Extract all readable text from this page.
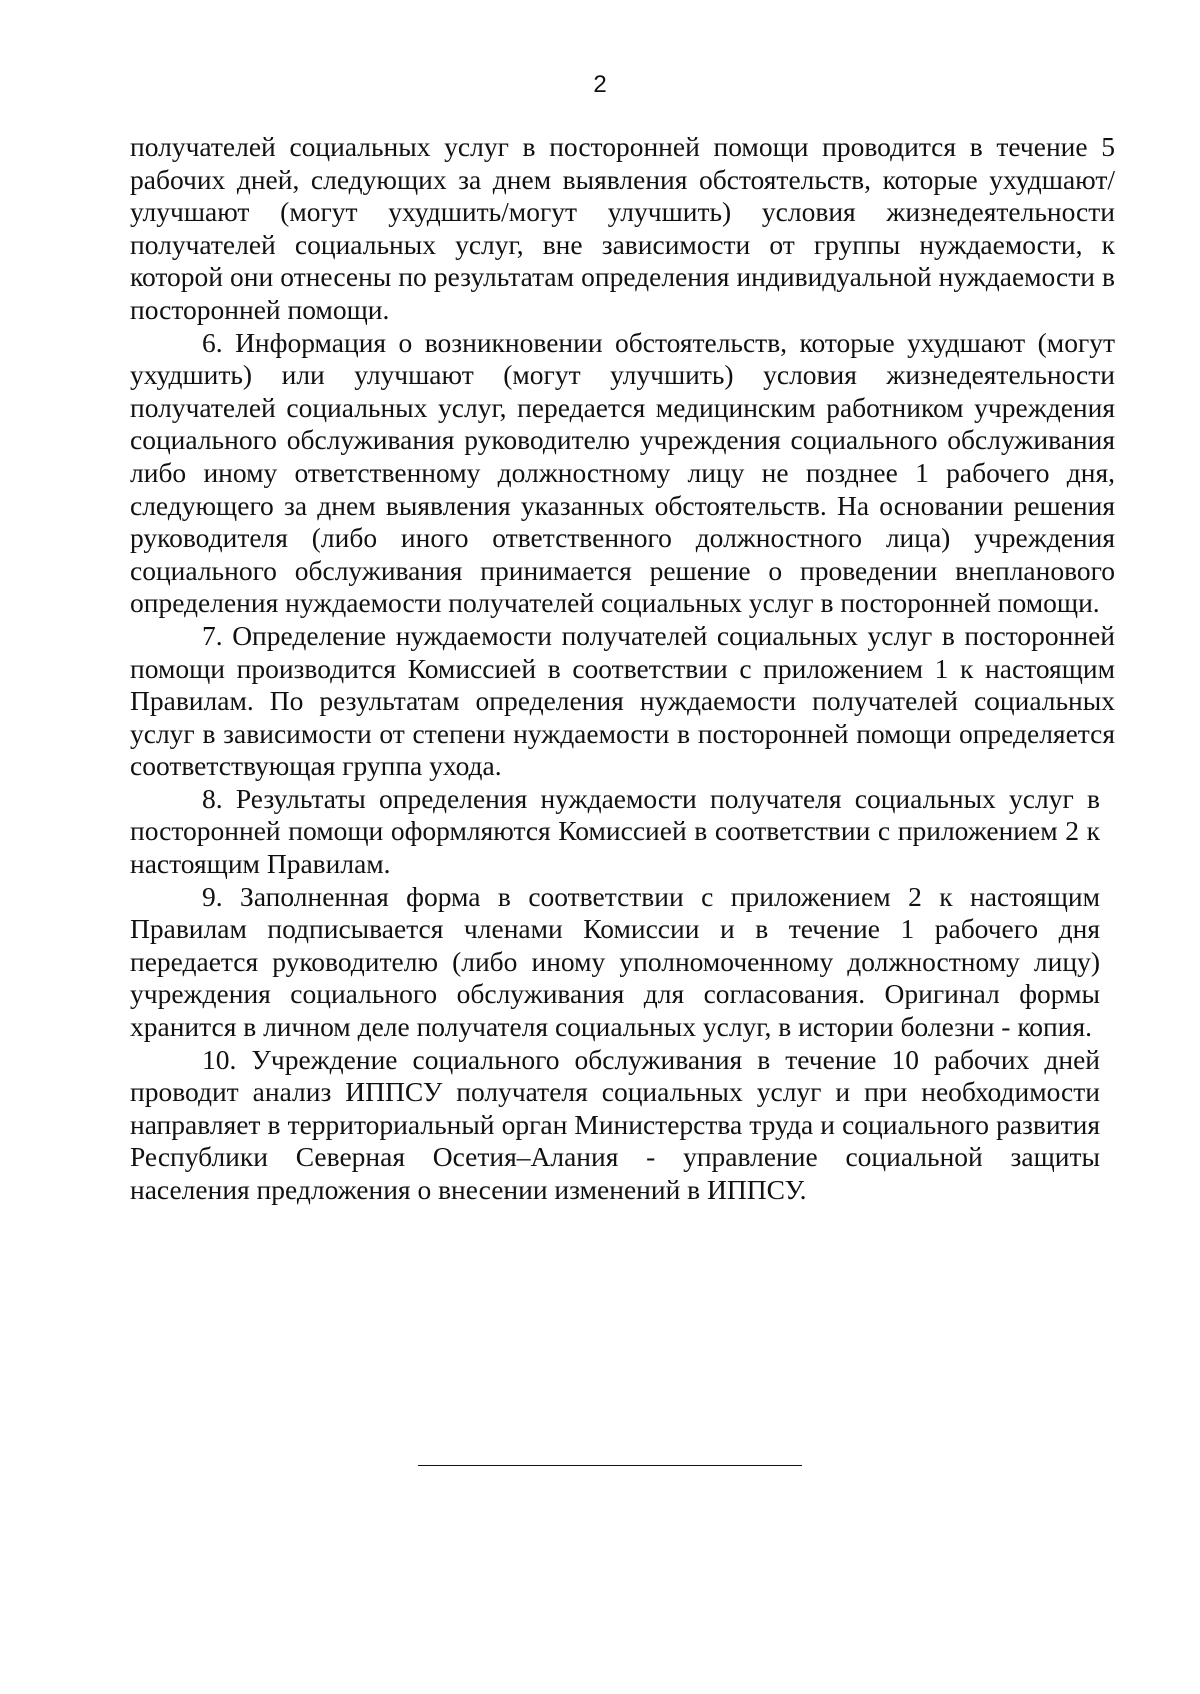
2

получателей социальных услуг в посторонней помощи проводится в течение 5 рабочих дней, следующих за днем выявления обстоятельств, которые ухудшают/улучшают (могут ухудшить/могут улучшить) условия жизнедеятельности получателей социальных услуг, вне зависимости от группы нуждаемости, к которой они отнесены по результатам определения индивидуальной нуждаемости в посторонней помощи.

6. Информация о возникновении обстоятельств, которые ухудшают (могут ухудшить) или улучшают (могут улучшить) условия жизнедеятельности получателей социальных услуг, передается медицинским работником учреждения социального обслуживания руководителю учреждения социального обслуживания либо иному ответственному должностному лицу не позднее 1 рабочего дня, следующего за днем выявления указанных обстоятельств. На основании решения руководителя (либо иного ответственного должностного лица) учреждения социального обслуживания принимается решение о проведении внепланового определения нуждаемости получателей социальных услуг в посторонней помощи.

7. Определение нуждаемости получателей социальных услуг в посторонней помощи производится Комиссией в соответствии с приложением 1 к настоящим Правилам. По результатам определения нуждаемости получателей социальных услуг в зависимости от степени нуждаемости в посторонней помощи определяется соответствующая группа ухода.

8. Результаты определения нуждаемости получателя социальных услуг в посторонней помощи оформляются Комиссией в соответствии с приложением 2 к настоящим Правилам.

9. Заполненная форма в соответствии с приложением 2 к настоящим Правилам подписывается членами Комиссии и в течение 1 рабочего дня передается руководителю (либо иному уполномоченному должностному лицу) учреждения социального обслуживания для согласования. Оригинал формы хранится в личном деле получателя социальных услуг, в истории болезни - копия.

10. Учреждение социального обслуживания в течение 10 рабочих дней проводит анализ ИППСУ получателя социальных услуг и при необходимости направляет в территориальный орган Министерства труда и социального развития Республики Северная Осетия–Алания - управление социальной защиты населения предложения о внесении изменений в ИППСУ.
